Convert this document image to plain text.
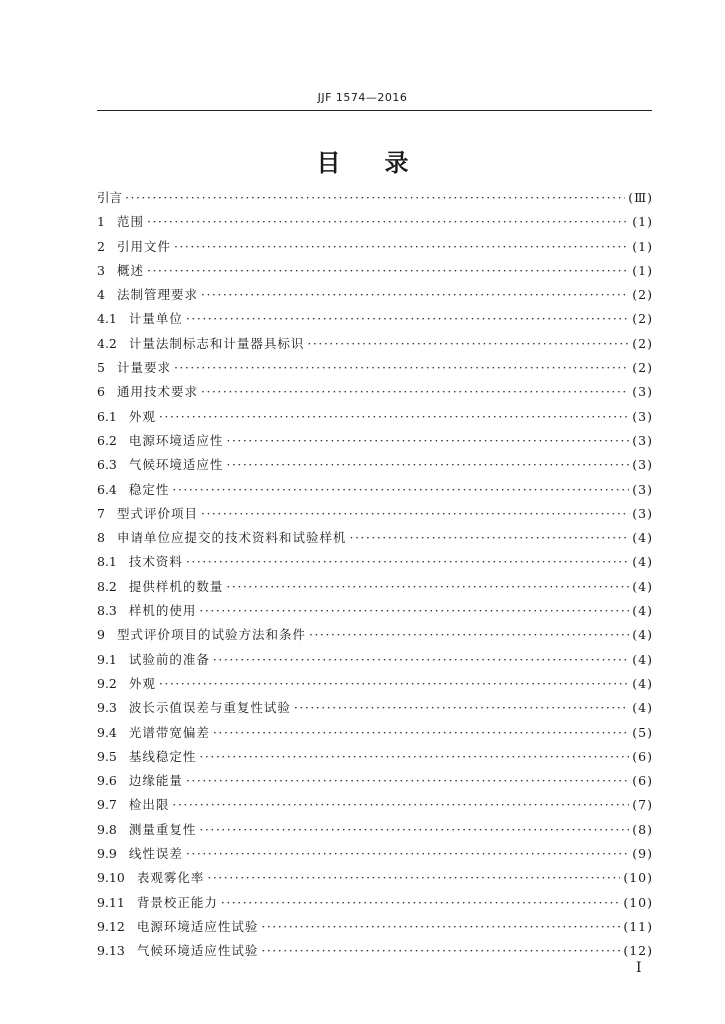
JJF 1574—2016
目录
引言 ·····	(Ⅲ)
1 范围 ·····	(1)
2 引用文件 ·····	(1)
3 概述 ·····	(1)
4 法制管理要求 ·····	(2)
4.1 计量单位 ·····	(2)
4.2 计量法制标志和计量器具标识 ·····	(2)
5 计量要求 ·····	(2)
6 通用技术要求 ·····	(3)
6.1 外观 ·····	(3)
6.2 电源环境适应性 ·····	(3)
6.3 气候环境适应性 ·····	(3)
6.4 稳定性 ·····	(3)
7 型式评价项目 ·····	(3)
8 申请单位应提交的技术资料和试验样机 ·····	(4)
8.1 技术资料 ·····	(4)
8.2 提供样机的数量 ·····	(4)
8.3 样机的使用 ·····	(4)
9 型式评价项目的试验方法和条件 ·····	(4)
9.1 试验前的准备 ·····	(4)
9.2 外观 ·····	(4)
9.3 波长示值误差与重复性试验 ·····	(4)
9.4 光谱带宽偏差 ·····	(5)
9.5 基线稳定性 ·····	(6)
9.6 边缘能量 ·····	(6)
9.7 检出限 ·····	(7)
9.8 测量重复性 ·····	(8)
9.9 线性误差 ·····	(9)
9.10 表观雾化率 ·····	(10)
9.11 背景校正能力 ·····	(10)
9.12 电源环境适应性试验 ·····	(11)
9.13 气候环境适应性试验 ·····	(12)
I
